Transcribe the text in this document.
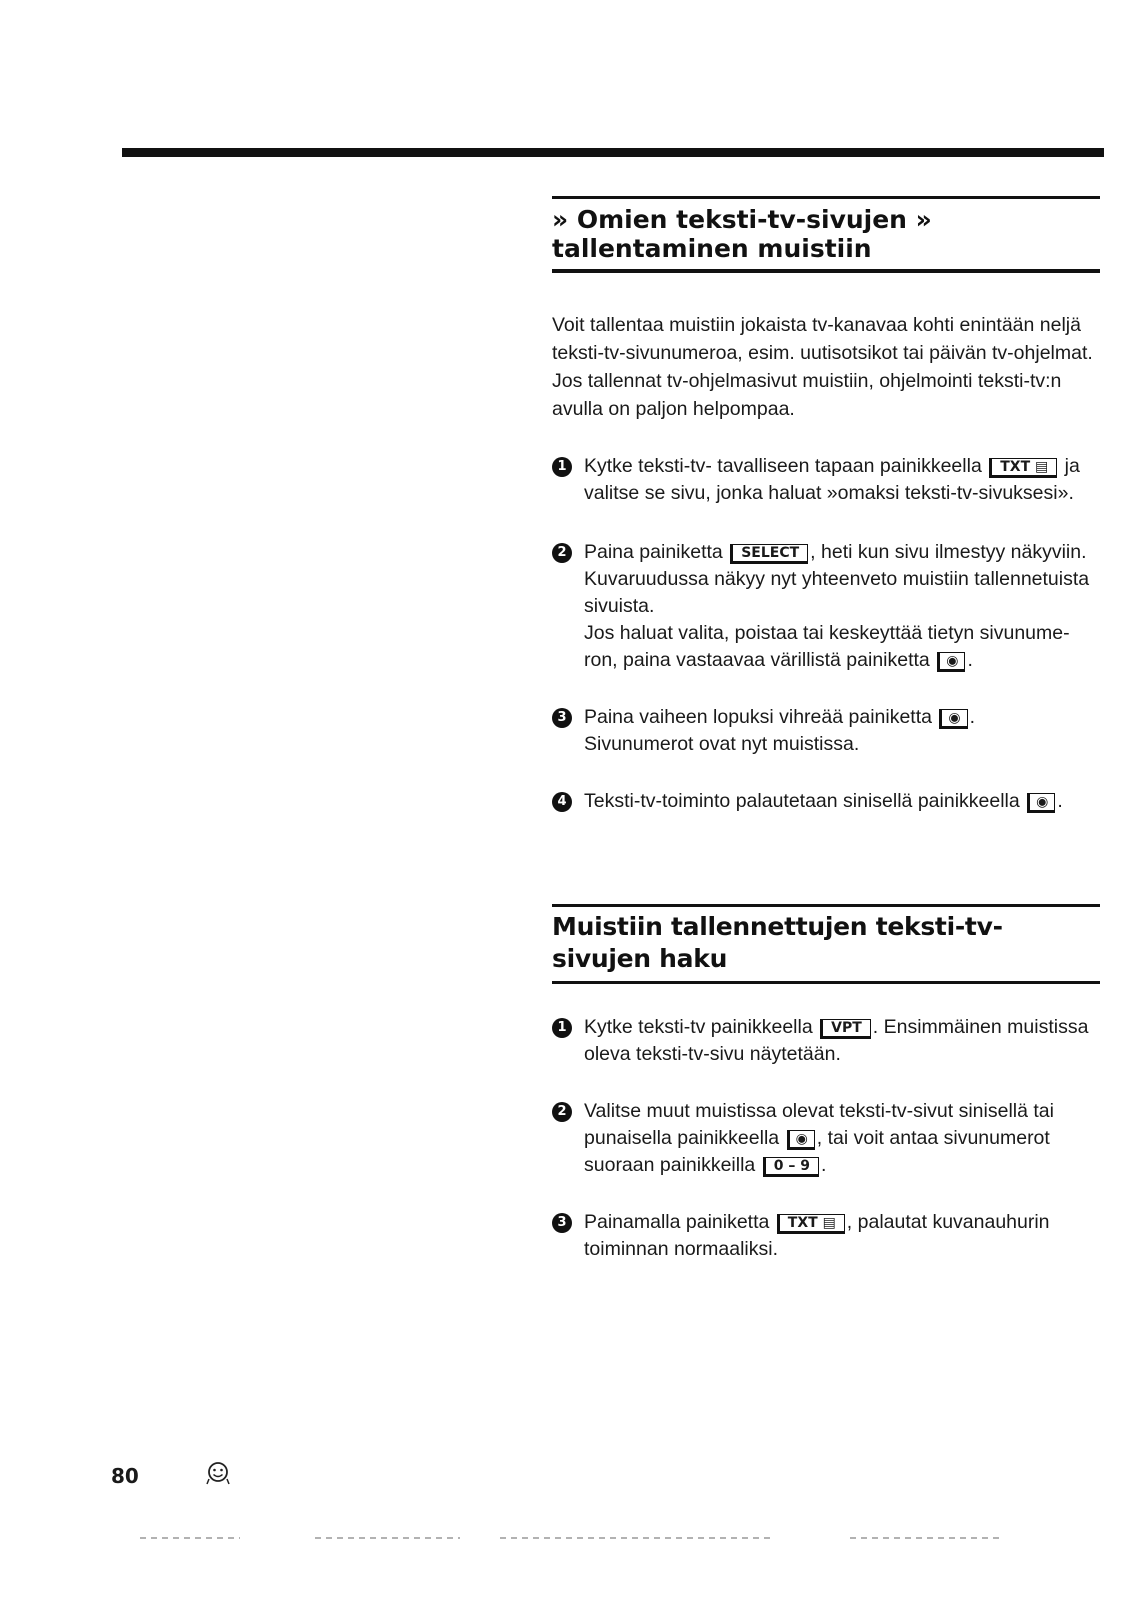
» Omien teksti-tv-sivujen » tallentaminen muistiin

Voit tallentaa muistiin jokaista tv-kanavaa kohti enintään neljä teksti-tv-sivunumeroa, esim. uutisotsikot tai päivän tv-ohjelmat. Jos tallennat tv-ohjelmasivut muistiin, ohjelmointi teksti-tv:n avulla on paljon helpompaa.

1 Kytke teksti-tv- tavalliseen tapaan painikkeella TXT ▤ ja valitse se sivu, jonka haluat »omaksi teksti-tv-sivuksesi».

2 Paina painiketta SELECT , heti kun sivu ilmestyy näkyviin. Kuvaruudussa näkyy nyt yhteenveto muistiin tallennetuista sivuista.

Jos haluat valita, poistaa tai keskeyttää tietyn sivunume-ron, paina vastaavaa värillistä painiketta ◉ .

3 Paina vaiheen lopuksi vihreää painiketta ◉ .

Sivunumerot ovat nyt muistissa.

4 Teksti-tv-toiminto palautetaan sinisellä painikkeella ◉ .

Muistiin tallennettujen teksti-tv-sivujen haku
1 Kytke teksti-tv painikkeella VPT . Ensimmäinen muistissa oleva teksti-tv-sivu näytetään.

2 Valitse muut muistissa olevat teksti-tv-sivut sinisellä tai punaisella painikkeella ◉ , tai voit antaa sivunumerot suoraan painikkeilla 0 – 9 .

3 Painamalla painiketta TXT ▤ , palautat kuvanauhurin toiminnan normaaliksi.

80
